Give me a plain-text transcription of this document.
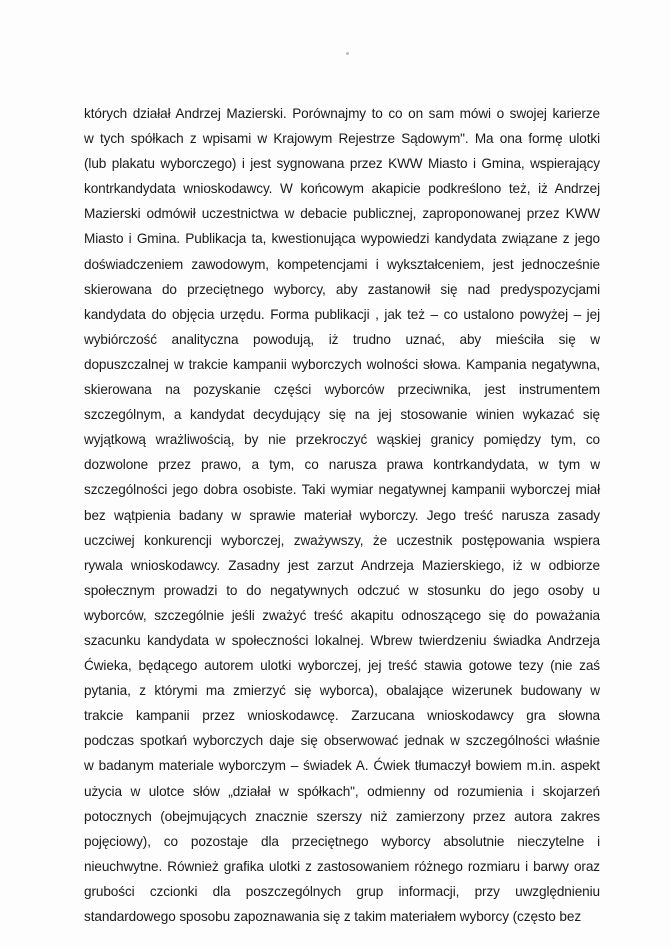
których działał Andrzej Mazierski. Porównajmy to co on sam mówi o swojej karierze
w tych spółkach z wpisami w Krajowym Rejestrze Sądowym". Ma ona formę ulotki
(lub plakatu wyborczego) i jest sygnowana przez KWW Miasto i Gmina, wspierający
kontrkandydata wnioskodawcy. W końcowym akapicie podkreślono też, iż Andrzej
Mazierski odmówił uczestnictwa w debacie publicznej, zaproponowanej przez KWW
Miasto i Gmina. Publikacja ta, kwestionująca wypowiedzi kandydata związane z jego
doświadczeniem zawodowym, kompetencjami i wykształceniem, jest jednocześnie
skierowana do przeciętnego wyborcy, aby zastanowił się nad predyspozycjami
kandydata do objęcia urzędu. Forma publikacji , jak też – co ustalono powyżej – jej
wybiórczość analityczna powodują, iż trudno uznać, aby mieściła się w
dopuszczalnej w trakcie kampanii wyborczych wolności słowa. Kampania negatywna,
skierowana na pozyskanie części wyborców przeciwnika, jest instrumentem
szczególnym, a kandydat decydujący się na jej stosowanie winien wykazać się
wyjątkową wrażliwością, by nie przekroczyć wąskiej granicy pomiędzy tym, co
dozwolone przez prawo, a tym, co narusza prawa kontrkandydata, w tym w
szczególności jego dobra osobiste. Taki wymiar negatywnej kampanii wyborczej miał
bez wątpienia badany w sprawie materiał wyborczy. Jego treść narusza zasady
uczciwej konkurencji wyborczej, zważywszy, że uczestnik postępowania wspiera
rywala wnioskodawcy. Zasadny jest zarzut Andrzeja Mazierskiego, iż w odbiorze
społecznym prowadzi to do negatywnych odczuć w stosunku do jego osoby u
wyborców, szczególnie jeśli zważyć treść akapitu odnoszącego się do poważania
szacunku kandydata w społeczności lokalnej. Wbrew twierdzeniu świadka Andrzeja
Ćwieka, będącego autorem ulotki wyborczej, jej treść stawia gotowe tezy (nie zaś
pytania, z którymi ma zmierzyć się wyborca), obalające wizerunek budowany w
trakcie kampanii przez wnioskodawcę. Zarzucana wnioskodawcy gra słowna
podczas spotkań wyborczych daje się obserwować jednak w szczególności właśnie
w badanym materiale wyborczym – świadek A. Ćwiek tłumaczył bowiem m.in. aspekt
użycia w ulotce słów „działał w spółkach", odmienny od rozumienia i skojarzeń
potocznych (obejmujących znacznie szerszy niż zamierzony przez autora zakres
pojęciowy), co pozostaje dla przeciętnego wyborcy absolutnie nieczytelne i
nieuchwytne. Również grafika ulotki z zastosowaniem różnego rozmiaru i barwy oraz
grubości czcionki dla poszczególnych grup informacji, przy uwzględnieniu
standardowego sposobu zapoznawania się z takim materiałem wyborcy (często bez
